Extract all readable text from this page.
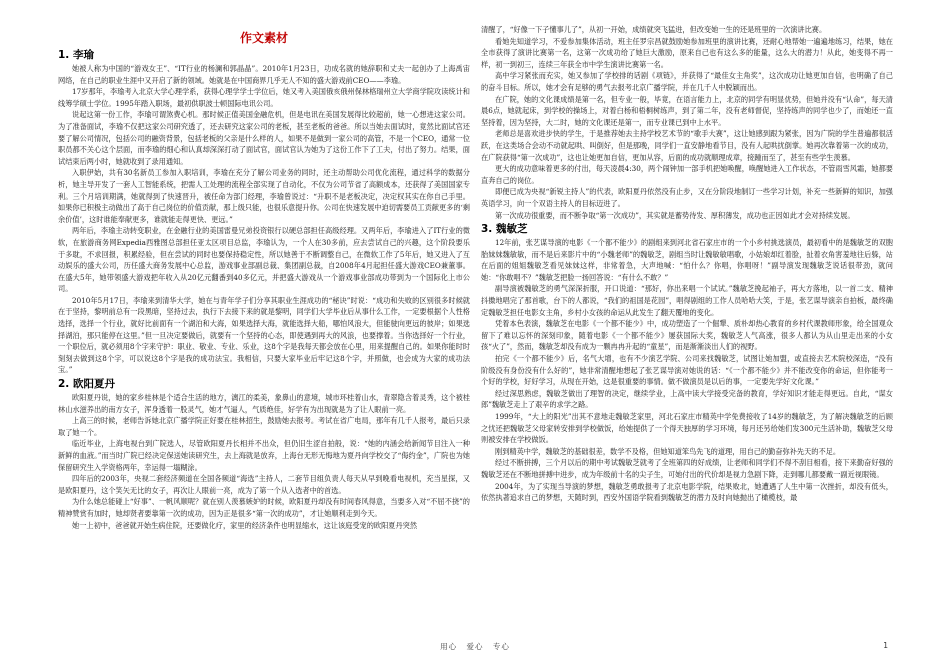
作文素材
1. 李瑜

她被人称为中国的“游戏女王”、“IT行业的杨澜和郭晶晶”。2010年1月23日，功成名就的她辞职和丈夫一起创办了上海禹宙网络，在自己的职业生涯中又开启了新的领域。她就是在中国商界几乎无人不知的盛大游戏前CEO——李瑜。

17岁那年，李瑜考入北京大学心理学系，获得心理学学士学位后，她又考入美国俄亥俄州保林格瑞州立大学商学院攻读统计和线筹学硕士学位。1995年踏入职场，最初供职波士顿国际电讯公司。

说起这第一份工作，李瑜可谓煞费心机。那时候正值美国金融危机，但是电讯在美国发展得比较超前，她一心想进这家公司。为了准备面试，李瑜不仅把这家公司研究透了，还去研究这家公司的老板，甚至老板的爸爸。所以当她去面试时，竟然比面试官还要了解公司情况，包括公司的融资背景，包括老板的父亲是什么样的人，如果不是做到一家公司的高管，不是一个CEO，通常一位职员都不关心这个层面，而李瑜的细心和认真却深深打动了面试官，面试官认为她为了这份工作下了工夫，付出了努力。结果，面试结束后两小时，她就收到了录用通知。

入职伊始，共有30名新员工参加入职培训，李瑜在充分了解公司业务的同时，还主动帮助公司优化流程，通过科学的数据分析，她主导开发了一套人工智能系统，把需人工处理的流程全部实现了自动化，不仅为公司节省了高额成本，还获得了美国国家专利。三个月培训期满，她就得到了快速晋升，被任命为部门经理，李瑜曾说过：“升职不是老板决定，决定权其实在你自己手里。如果你已积极主动做出了高于自己岗位的价值贡献，那上级只能，也很乐意提升你。公司在快速发展中迫切需要员工贡献更多的‘剩余价值’，这时谁能奉献更多，谁就能走得更快、更远。”

两年后，李瑜主动转变职业，在金融行业的美国雷曼兄弟投资银行以硬总部担任高级经理。又两年后，李瑜进入了IT行业的微软，在旅游商务网Expedia西雅图总部担任亚太区项目总监，李瑜认为，一个人在30多前，应去尝试自己的兴趣，这个阶段要乐于多耽，不求回报，积累经验，但在尝试的同时也要保持稳定性，所以她善于不断调整自己，在微软工作了5年后，她又进入了互动娱乐的盛大公司，历任盛大商务发展中心总监，游戏事业部副总裁、集团副总裁，自2008年4月起担任盛大游戏CEO兼董事。在盛大5年，她带领盛大游戏把年收入从20亿元翻番到40多亿元，并把盛大游戏从一个游戏事业部成功带到为一个国际化上市公司。

2010年5月17日，李瑜来到清华大学，她在与青年学子们分享其职业生涯成功的“秘诀”时说：“成功和失败的区别很多时候就在于坚持，黎明前总有一段黑暗，坚持过去，执行下去接下来的就是黎明，同学们大学毕业后从事什么工作，一定要根据个人性格选择，选择一个行业，就好比前面有一个湖泊和大海，如果选择大海，就能选择大船，哪怕风浪大，但能驶向更远的彼岸；如果选择湖泊，那只能停在这里。”但一旦决定要做后，就要有一个坚持的心态，即使遇到再大的风浪，也要撑着。当你选择好一个行业，一个职位后，就必须用8个字来守护：职业、敬业、专业、乐业，这8个字是我每天都会放在心里，用来提醒自己的。如果你能时时刻刻去做到这8个字，可以说这8个字是我的成功法宝。我相信，只要大家毕业后牢记这8个字，并照做，也会成为大家的成功法宝。”

2. 欧阳夏丹

欧阳夏丹说，她的家乡桂林是个适合生活的地方，漓江的柔美，象鼻山的意境，城市环桂着山水，青翠隐含着灵秀，这个被桂林山水滋养出的南方女子，浑身透着一股灵气，她才气逼人，气质绝佳，好学有为出现就是为了让人眼前一亮。

上高三的时候，老师告诉她北京广播学院正好要在桂林招生，鼓励她去报考。考试在省广电局，那年有几千人报考，最后只录取了她一个。

临近毕业，上海电视台到广院选人，尽管欧阳夏丹长相并不出众，但仍旧生涩自拍般，说：“她的内涵会给新闻节目注入一种新鲜的血液。”而当时广院已经决定保送她读研究生，去上海就是放弃，上海台无形无悔地为夏丹向学校交了“侮约金”，广院也为她保留研究生入学资格两年，幸运得一塌糊涂。

四年后的2003年，央视二套经济频道在全国各频道“海选”主持人，二套节目组负责人每天从早到晚看电视机，充当星探，又是欧阳夏丹，这个笑矢无比的女子，再次让人眼前一亮，成为了第一个从入选者中的首选。

为什么她总能碰上“好事”、一帆风顺呢？就在别人羡慕嫉妒的时候，欧阳夏丹却没有时间春风得意，当要多入对“不屈不挠”的精神赞赏有加时，她却贤者要靠第一次的成功，因为正是很多“第一次的成功”，才让她顺利走到今天。

她一上初中，爸爸就开始生病住院，还要做化疗，家里的经济条件也明显缩水，这让该庭受宠的欧阳夏丹突然

清醒了，“好像一下子懂事儿了”，从初一开始，成绩就突飞猛进，但改变她一生的还是班里的一次演讲比赛。

看她先知道学习，不爱参加集体活动，班主任罗宗昌就鼓励她参加班里的演讲比赛，还耐心地帮她一遍遍地练习，结果，她在全市获得了演讲比赛第一名，这第一次成功给了她巨大激励，原来自己也有这么多的能量，这么大的潜力！从此，她变得不再一样，初一到初三，连续三年获全市中学生演讲比赛第一名。

高中学习紧张而充实，她又参加了学校排的话剧《项链》，并获得了“最佳女主角奖”，这次成功让她更加自信，也明确了自己的奋斗目标。所以，她才会有足够的勇气去报考北京广播学院，并在几千人中脱颖而出。

在广院，她的文化课成绩是第一名，但专业一般，毕竟，在语言能力上，北京的同学有明显优势，但她并没有“认命”，每天清晨6点，她就起床，到学校的操场上，对着白杨和梧桐树练声，到了第二年，没有老师督促，坚持练声的同学也少了，而她还一直坚持着，因为坚持，大二时，她的文化课还是第一，而专业课已到中上水平。

老师总是喜欢进步快的学生，于是推荐她去主持学校艺术节的“歌手大赛”，这让她感到跟为紧张，因为广院的学生普遍都很活跃，在这类场合会动不动就起哄、叫倒好，但是那晚，同学们一直安静地看节目，没有人起哄扰倒掌。她再次靠着第一次的成功，在广院获得“第一次成功”，这也让她更加自信，更加从容，后面的成功就顺理成章，接踵而至了，甚至有些学生羡慕。

更大的成功意味着更多的付出，每天凌晨4:30，两个闹钟加一部手机把她唤醒，唤醒她进入工作状态，不管雨雪风霜，她都要直奔自己的岗位。

即便已成为央视“新锐主持人”的代表，欧阳夏丹依然没有止步，又在分阶段地制订一些学习计划，补充一些新鲜的知识，加强英语学习，向一个双语主持人的目标迈进了。

第一次成功很重要，而不断争取“第一次成功”，其实就是蓄势待发、厚积薄发，成功也正因如此才会对持续发展。

3. 魏敏芝

12年前，张艺谋导演的电影《一个都不能少》的剧组来到河北省石家庄市的一个小乡村挑选演员，最初看中的是魏敏芝的双胞胎妹妹魏敏敏，而不是后来影片中的“小魏老师”的魏敏芝，剧组当时让魏敏敏唱歌，小姑娘却红着脸，扯着衣角害羞地往后躲，站在后面的姐姐魏敏芝看见妹妹这样，非常着急，大声地喊：“怕什么？你唱，你唱呀！”副导演发现魏敏芝说话很带劲，就问她：“你敢唱不？”魏敏芝把脸一扬回答说：“有什么不敢？”

副导演被魏敏芝的勇气深深折服，开口说道：“那好，你出来唱一个试试。”魏敏芝挽起袖子，再大方落地，以一首二支、精神抖擞地唱完了那首歌，台下的人都说，“我们的祖国是花园”，唱得剧组的工作人员哈哈大笑，于是，张艺谋导演亲自拍板，最终确定魏敏芝担任电影女主角，乡村小女孩的命运从此发生了翻天覆地的变化。

凭着本色表演，魏敏芝在电影《一个都不能少》中，成功塑造了一个倔犟、质朴却热心教育的乡村代课教师形象，给全国观众留下了难以忘怀的深刻印象，随着电影《一个都不能少》屡获国际大奖，魏敏芝人气高涨，很多人都认为从山里走出来的小女孩“火了”，然而，魏敏芝却没有成为一颗冉冉升起的“童星”，而是渐渐淡出人们的视野。

拍完《一个都不能少》后，名气大增，也有不少演艺学院、公司来找魏敏芝，试图让她加盟，或直接去艺术院校深造，“没有阶级没有身份没有什么好的”，她非常清醒地想起了张艺谋导演对她说的话：“《一个都不能少》并不能改变你的命运，但你能考一个好的学校，好好学习，从现在开始，这是很重要的事情。做不做演员是以后的事，一定要先学好文化课。”

经过深思熟虑，魏敏芝做出了理智的决定，继续学业，上高中读大学接受完备的教育，学好知识才能走得更远。自此，“谋女郎”魏敏芝走上了艰辛的求学之路。

1999年，“大上的阳光”出其不意地走魏敏芝家里，河北石家庄市精英中学免费接收了14岁的魏敏芝，为了解决魏敏芝的后顾之忧还把魏敏芝父母家转安排到学校做饭，给她提供了一个得天独厚的学习环境，每月还另给她们发300元生活补助，魏敏芝父母则被安排在学校做饭。

刚到精英中学，魏敏芝的基础很差，数学不及格，但她知道笨鸟先飞的道理，用自己的勤奋弥补先天的不足。

经过不断拼搏，三个月以后的期中考试魏敏芝就考了全班第四的好成绩，让老师和同学们不得不刮目相看，接下来勤奋好强的魏敏芝还在不断地拼搏中进步，成为年级前十名的尖子生，可她付出的代价却是视力急剧下降，走到哪儿都要戴一副近视眼镜。

2004年，为了实现当导演的梦想，魏敏芝勇敢报考了北京电影学院，结果败北，她遭遇了人生中第一次挫折，却没有低头，依然执著追求自己的梦想，天随时到，西安外国语学院看到魏敏芝的潜力及时向她抛出了橄榄枝，最

用心 爱心 专心	1
